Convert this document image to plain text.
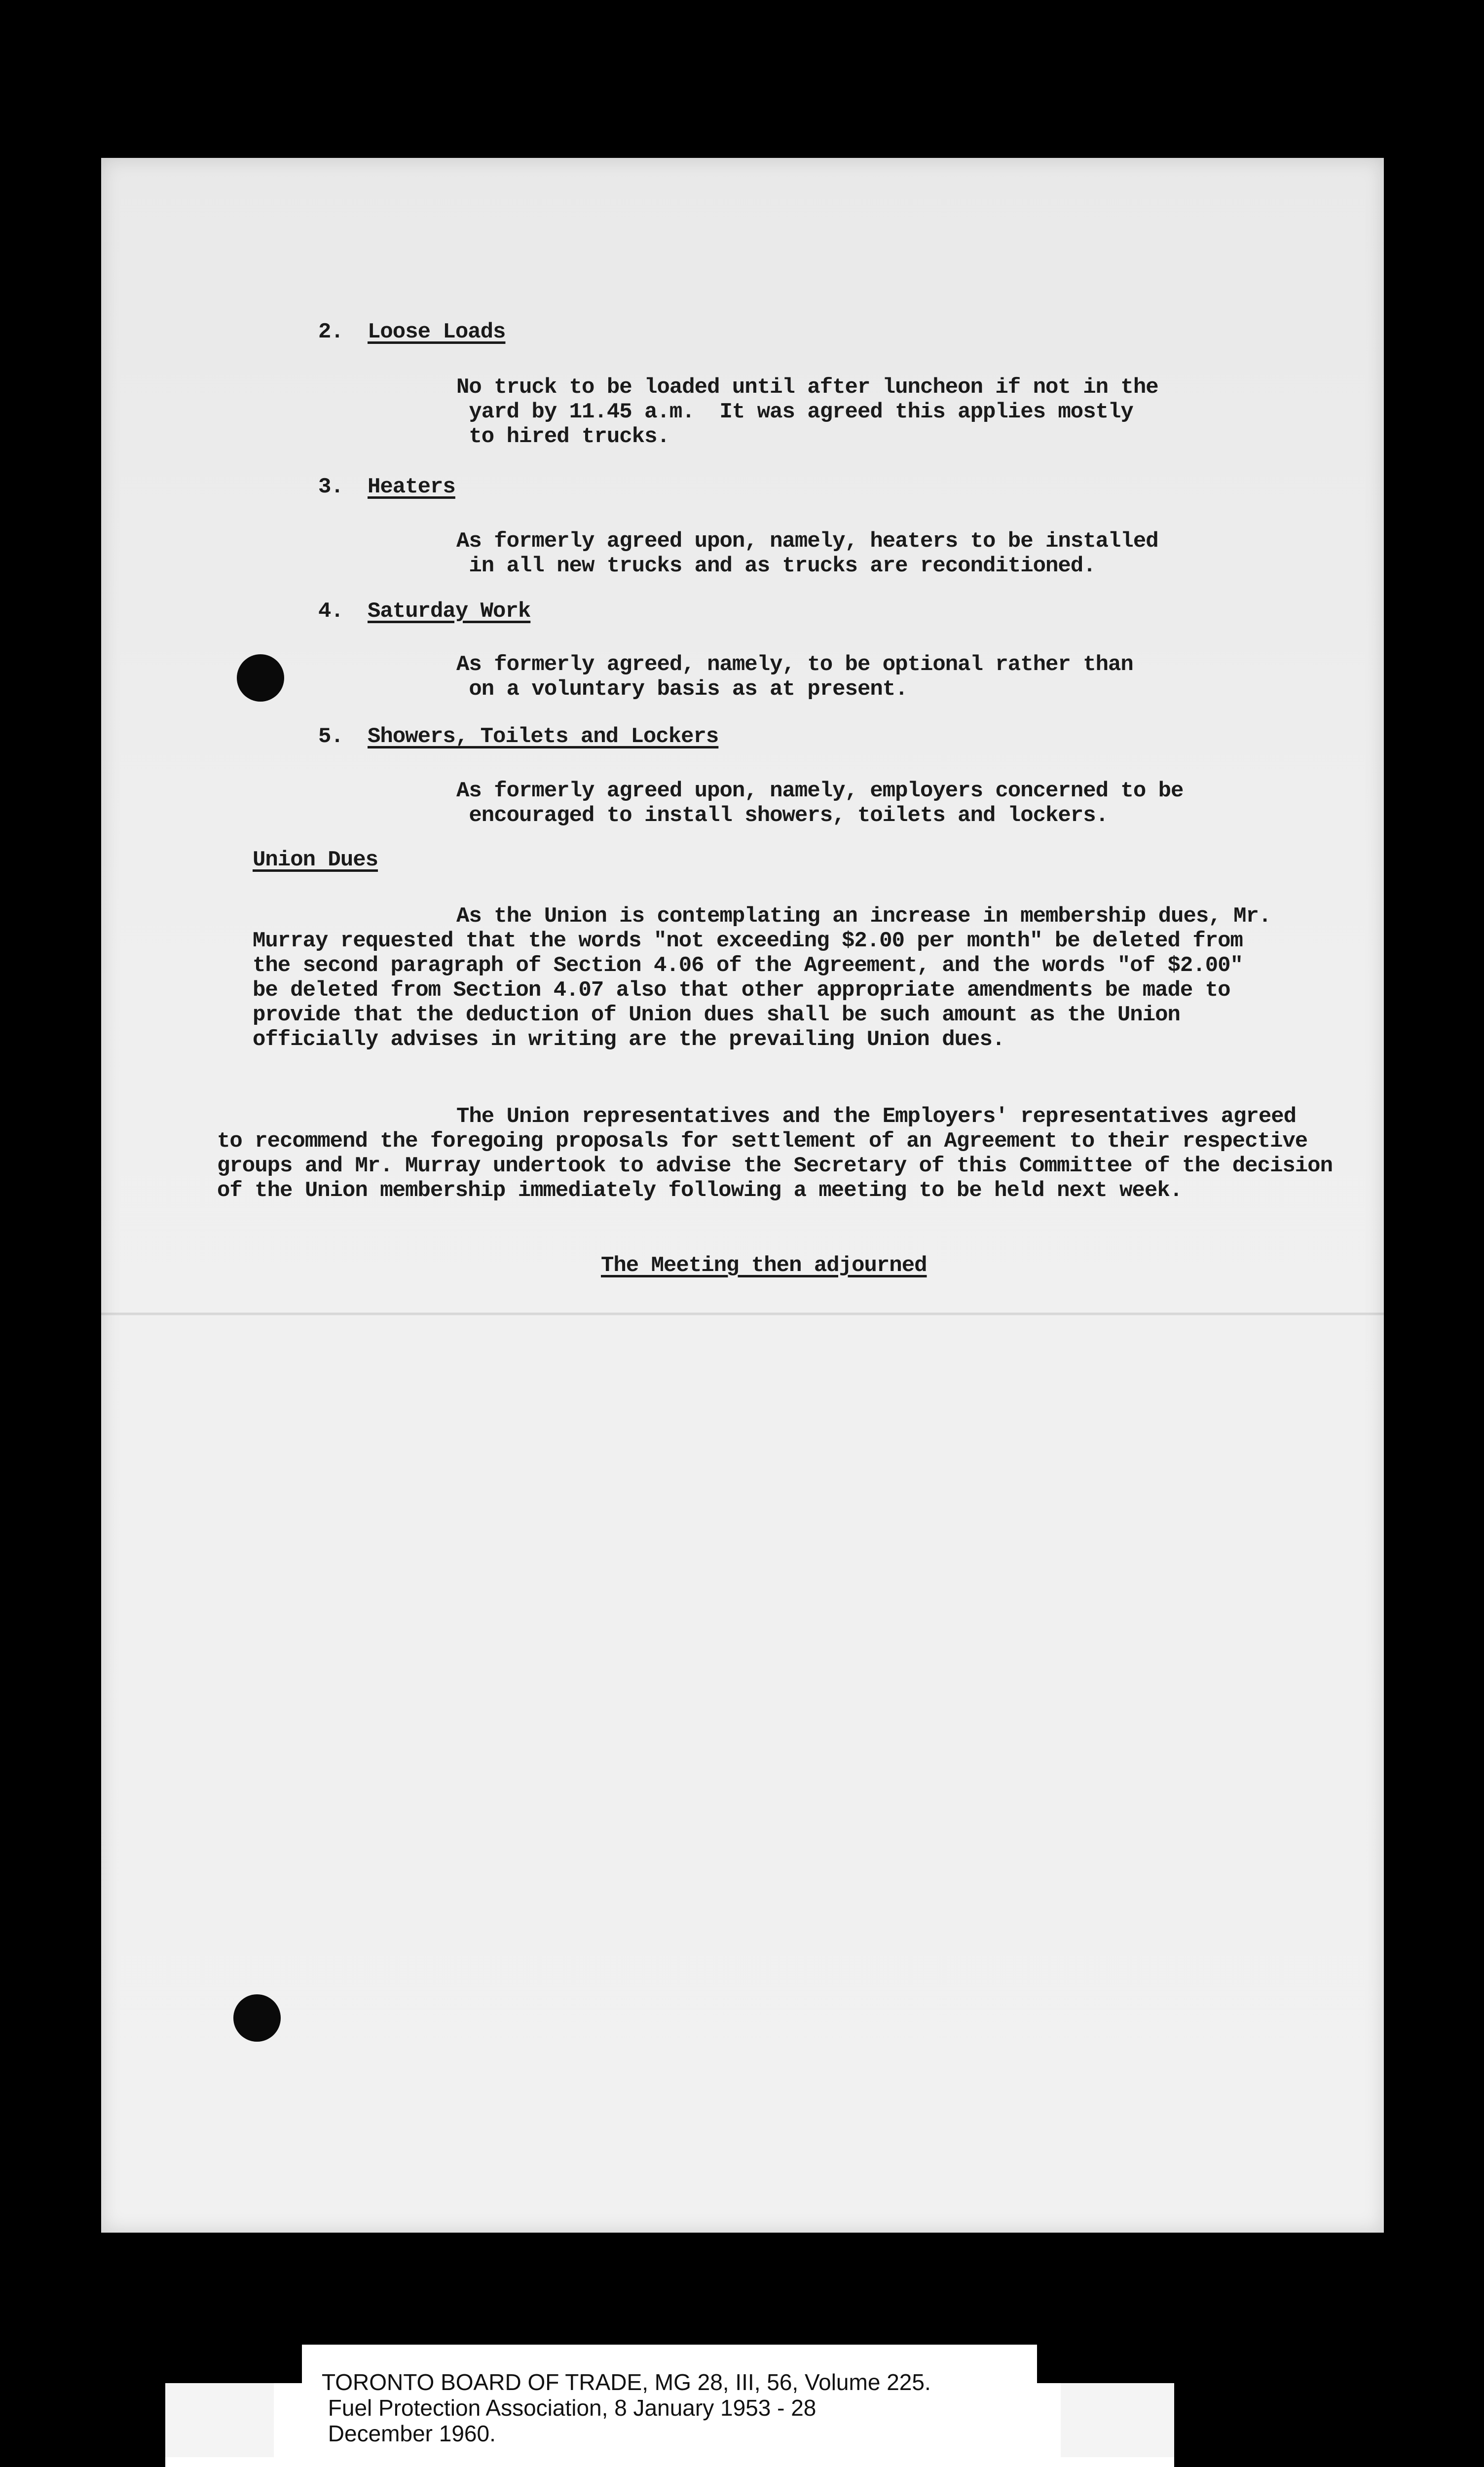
2. Loose Loads
No truck to be loaded until after luncheon if not in the
yard by 11.45 a.m.  It was agreed this applies mostly
to hired trucks.
3. Heaters
As formerly agreed upon, namely, heaters to be installed
in all new trucks and as trucks are reconditioned.
4. Saturday Work
As formerly agreed, namely, to be optional rather than
on a voluntary basis as at present.
5. Showers, Toilets and Lockers
As formerly agreed upon, namely, employers concerned to be
encouraged to install showers, toilets and lockers.
Union Dues
As the Union is contemplating an increase in membership dues, Mr.
Murray requested that the words "not exceeding $2.00 per month" be deleted from
the second paragraph of Section 4.06 of the Agreement, and the words "of $2.00"
be deleted from Section 4.07 also that other appropriate amendments be made to
provide that the deduction of Union dues shall be such amount as the Union
officially advises in writing are the prevailing Union dues.
The Union representatives and the Employers' representatives agreed
to recommend the foregoing proposals for settlement of an Agreement to their respective
groups and Mr. Murray undertook to advise the Secretary of this Committee of the decision
of the Union membership immediately following a meeting to be held next week.
The Meeting then adjourned
TORONTO BOARD OF TRADE, MG 28, III, 56, Volume 225.
Fuel Protection Association, 8 January 1953 - 28
December 1960.
